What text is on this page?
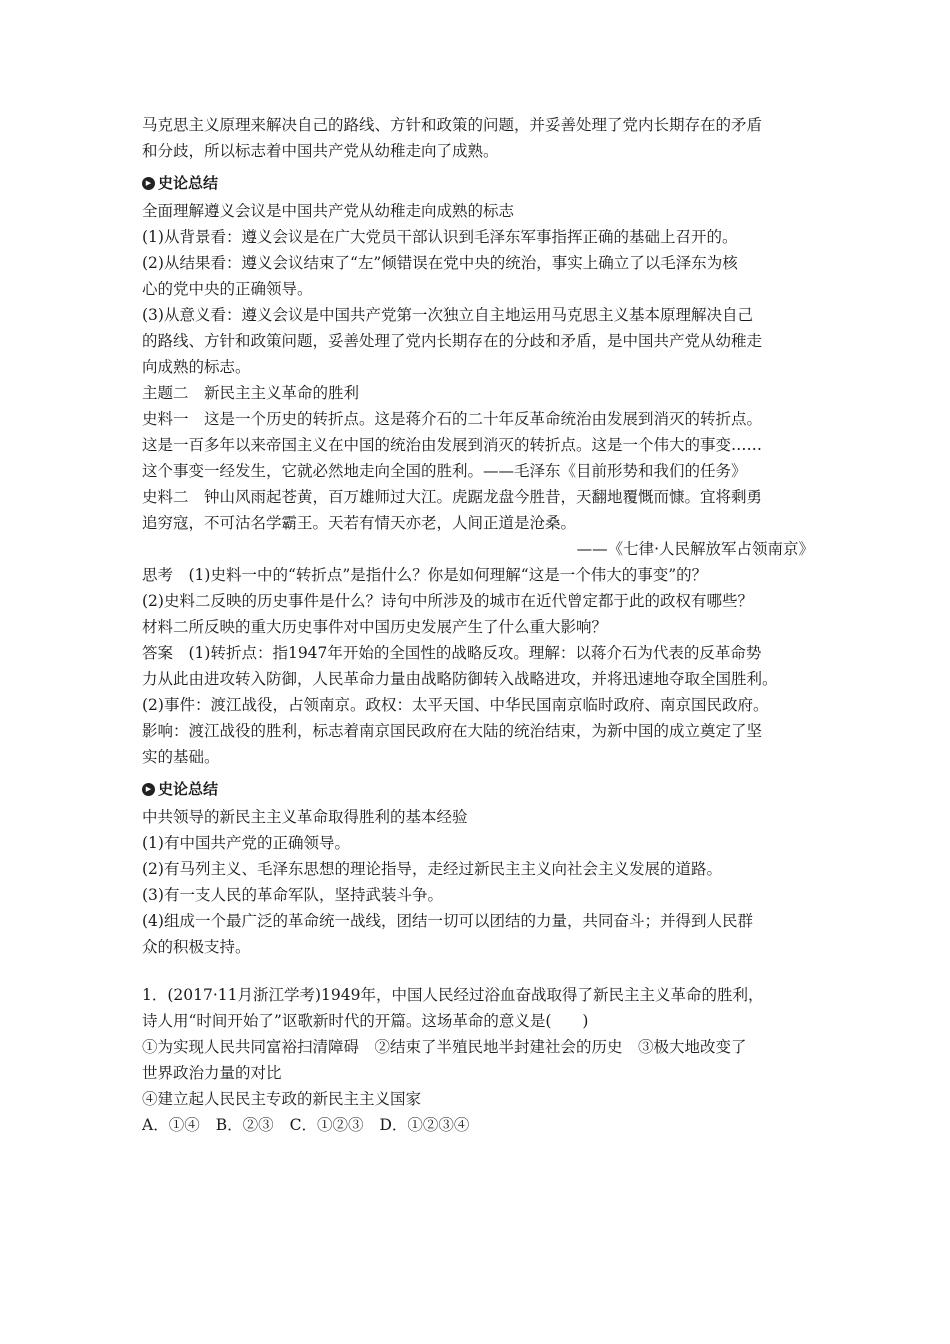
马克思主义原理来解决自己的路线、方针和政策的问题，并妥善处理了党内长期存在的矛盾

和分歧，所以标志着中国共产党从幼稚走向了成熟。

▶ 史论总结

全面理解遵义会议是中国共产党从幼稚走向成熟的标志

(1)从背景看：遵义会议是在广大党员干部认识到毛泽东军事指挥正确的基础上召开的。

(2)从结果看：遵义会议结束了“左”倾错误在党中央的统治，事实上确立了以毛泽东为核

心的党中央的正确领导。

(3)从意义看：遵义会议是中国共产党第一次独立自主地运用马克思主义基本原理解决自己

的路线、方针和政策问题，妥善处理了党内长期存在的分歧和矛盾，是中国共产党从幼稚走

向成熟的标志。

主题二　新民主主义革命的胜利

史料一　这是一个历史的转折点。这是蒋介石的二十年反革命统治由发展到消灭的转折点。

这是一百多年以来帝国主义在中国的统治由发展到消灭的转折点。这是一个伟大的事变……

这个事变一经发生，它就必然地走向全国的胜利。——毛泽东《目前形势和我们的任务》

史料二　钟山风雨起苍黄，百万雄师过大江。虎踞龙盘今胜昔，天翻地覆慨而慷。宜将剩勇

追穷寇，不可沽名学霸王。天若有情天亦老，人间正道是沧桑。

——《七律·人民解放军占领南京》

思考　(1)史料一中的“转折点”是指什么？你是如何理解“这是一个伟大的事变”的？

(2)史料二反映的历史事件是什么？诗句中所涉及的城市在近代曾定都于此的政权有哪些？

材料二所反映的重大历史事件对中国历史发展产生了什么重大影响？

答案　(1)转折点：指1947年开始的全国性的战略反攻。理解：以蒋介石为代表的反革命势

力从此由进攻转入防御，人民革命力量由战略防御转入战略进攻，并将迅速地夺取全国胜利。

(2)事件：渡江战役，占领南京。政权：太平天国、中华民国南京临时政府、南京国民政府。

影响：渡江战役的胜利，标志着南京国民政府在大陆的统治结束，为新中国的成立奠定了坚

实的基础。

▶ 史论总结

中共领导的新民主主义革命取得胜利的基本经验

(1)有中国共产党的正确领导。

(2)有马列主义、毛泽东思想的理论指导，走经过新民主主义向社会主义发展的道路。

(3)有一支人民的革命军队，坚持武装斗争。

(4)组成一个最广泛的革命统一战线，团结一切可以团结的力量，共同奋斗；并得到人民群

众的积极支持。

1．(2017·11月浙江学考)1949年，中国人民经过浴血奋战取得了新民主主义革命的胜利，

诗人用“时间开始了”讴歌新时代的开篇。这场革命的意义是(　　)

①为实现人民共同富裕扫清障碍　②结束了半殖民地半封建社会的历史　③极大地改变了

世界政治力量的对比

④建立起人民民主专政的新民主主义国家

A．①④ B．②③ C．①②③ D．①②③④
